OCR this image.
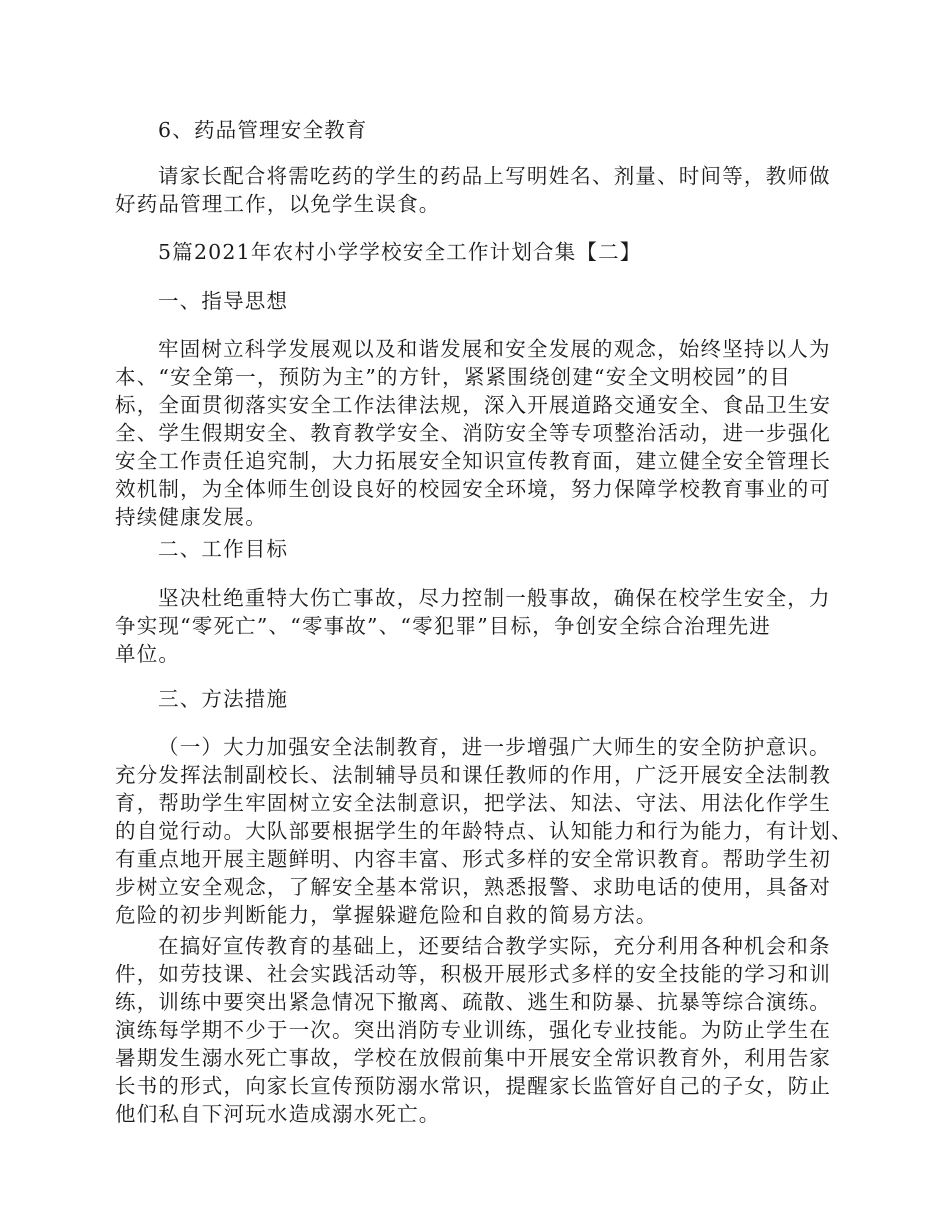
6、药品管理安全教育
请家长配合将需吃药的学生的药品上写明姓名、剂量、时间等，教师做
好药品管理工作，以免学生误食。
5篇2021年农村小学学校安全工作计划合集【二】
一、指导思想
牢固树立科学发展观以及和谐发展和安全发展的观念，始终坚持以人为
本、“安全第一，预防为主”的方针，紧紧围绕创建“安全文明校园”的目
标，全面贯彻落实安全工作法律法规，深入开展道路交通安全、食品卫生安
全、学生假期安全、教育教学安全、消防安全等专项整治活动，进一步强化
安全工作责任追究制，大力拓展安全知识宣传教育面，建立健全安全管理长
效机制，为全体师生创设良好的校园安全环境，努力保障学校教育事业的可
持续健康发展。
二、工作目标
坚决杜绝重特大伤亡事故，尽力控制一般事故，确保在校学生安全，力
争实现“零死亡”、“零事故”、“零犯罪”目标，争创安全综合治理先进
单位。
三、方法措施
（一）大力加强安全法制教育，进一步增强广大师生的安全防护意识。
充分发挥法制副校长、法制辅导员和课任教师的作用，广泛开展安全法制教
育，帮助学生牢固树立安全法制意识，把学法、知法、守法、用法化作学生
的自觉行动。大队部要根据学生的年龄特点、认知能力和行为能力，有计划、
有重点地开展主题鲜明、内容丰富、形式多样的安全常识教育。帮助学生初
步树立安全观念，了解安全基本常识，熟悉报警、求助电话的使用，具备对
危险的初步判断能力，掌握躲避危险和自救的简易方法。
在搞好宣传教育的基础上，还要结合教学实际，充分利用各种机会和条
件，如劳技课、社会实践活动等，积极开展形式多样的安全技能的学习和训
练，训练中要突出紧急情况下撤离、疏散、逃生和防暴、抗暴等综合演练。
演练每学期不少于一次。突出消防专业训练，强化专业技能。为防止学生在
暑期发生溺水死亡事故，学校在放假前集中开展安全常识教育外，利用告家
长书的形式，向家长宣传预防溺水常识，提醒家长监管好自己的子女，防止
他们私自下河玩水造成溺水死亡。
